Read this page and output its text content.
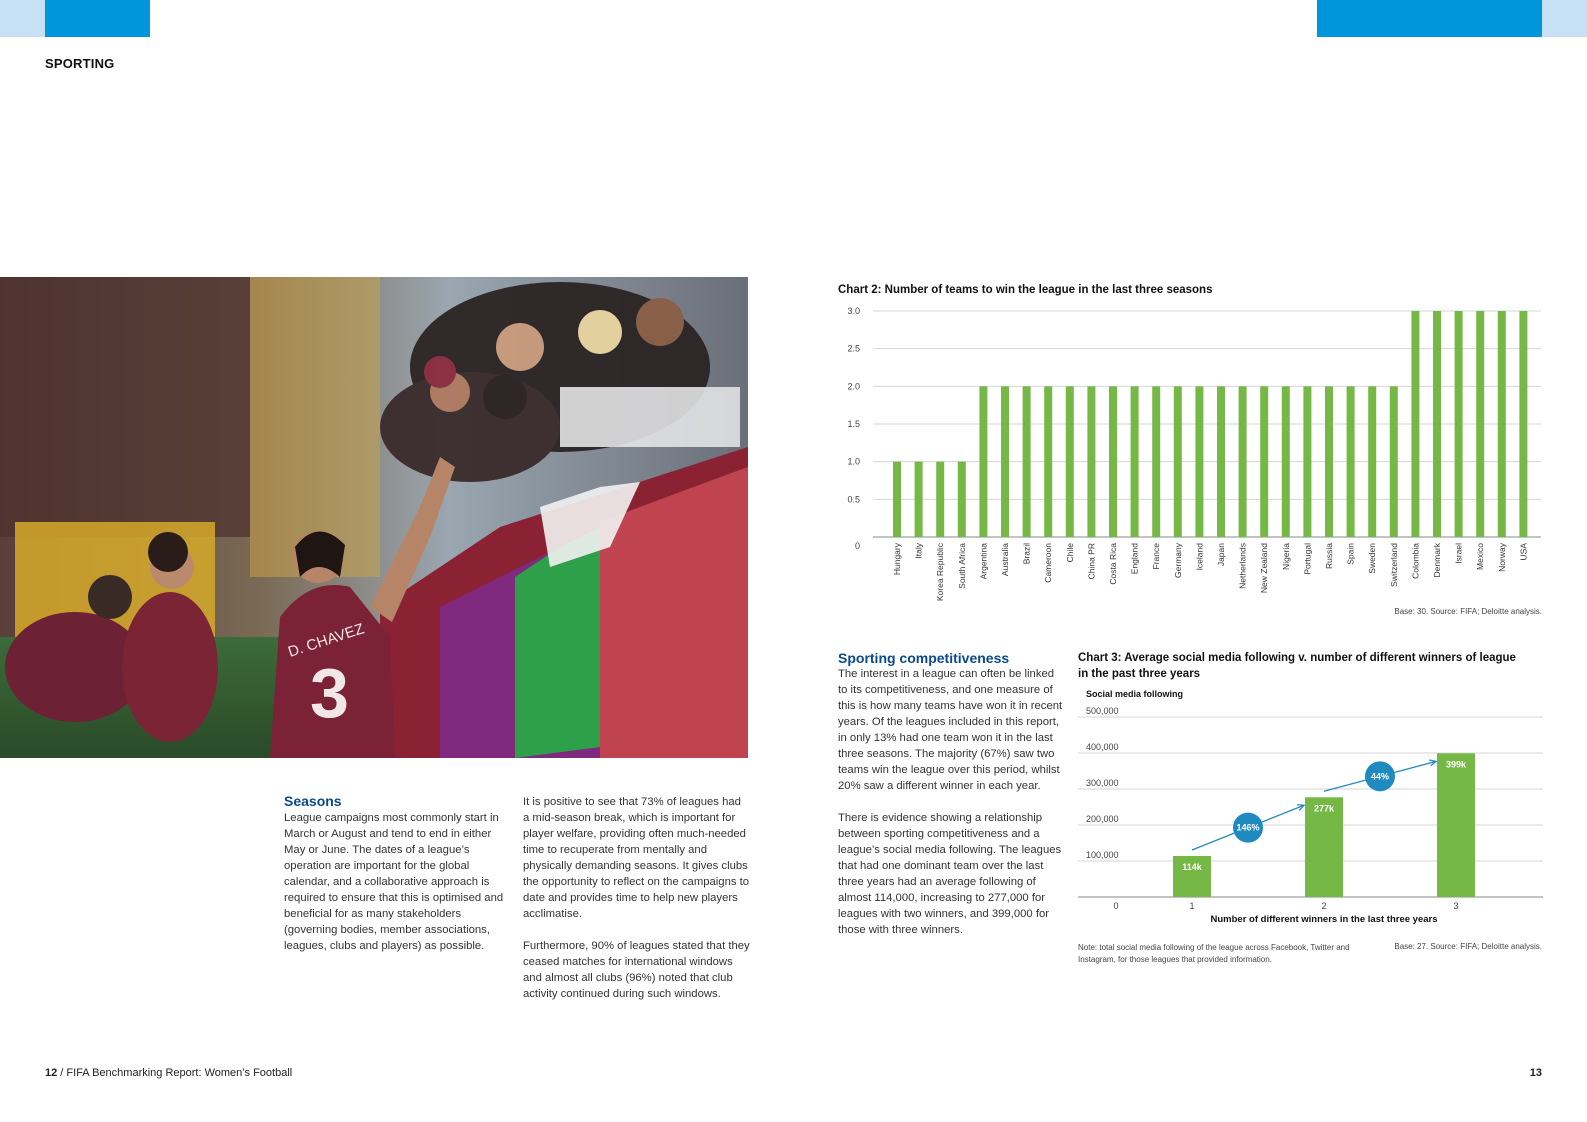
SPORTING
3
D. CHAVEZ
Seasons

League campaigns most commonly start in March or August and tend to end in either May or June. The dates of a league’s operation are important for the global calendar, and a collaborative approach is required to ensure that this is optimised and beneficial for as many stakeholders (governing bodies, member associations, leagues, clubs and players) as possible.

It is positive to see that 73% of leagues had a mid-season break, which is important for player welfare, providing often much-needed time to recuperate from mentally and physically demanding seasons. It gives clubs the opportunity to reflect on the campaigns to date and provides time to help new players acclimatise.

Furthermore, 90% of leagues stated that they ceased matches for international windows and almost all clubs (96%) noted that club activity continued during such windows.

Sporting competitiveness

The interest in a league can often be linked to its competitiveness, and one measure of this is how many teams have won it in recent years. Of the leagues included in this report, in only 13% had one team won it in the last three seasons. The majority (67%) saw two teams win the league over this period, whilst 20% saw a different winner in each year.

There is evidence showing a relationship between sporting competitiveness and a league’s social media following. The leagues that had one dominant team over the last three years had an average following of almost 114,000, increasing to 277,000 for leagues with two winners, and 399,000 for those with three winners.

Chart 2: Number of teams to win the league in the last three seasons
0
0.5
1.0
1.5
2.0
2.5
3.0
Hungary Italy Korea Republic South Africa Argentina Australia Brazil Cameroon Chile China PR Costa Rica England France Germany Iceland Japan Netherlands New Zealand Nigeria Portugal Russia Spain Sweden Switzerland Colombia Denmark Israel Mexico Norway USA
Base: 30. Source: FIFA; Deloitte analysis.
Chart 3: Average social media following v. number of different winners of league
in the past three years
Social media following
100,000
200,000
300,000
400,000
500,000
0
114k
1
277k
2
399k
3
Number of different winners in the last three years
146%
44%
Note: total social media following of the league across Facebook, Twitter and
Instagram, for those leagues that provided information.
Base: 27. Source: FIFA; Deloitte analysis.
12 / FIFA Benchmarking Report: Women’s Football	13
